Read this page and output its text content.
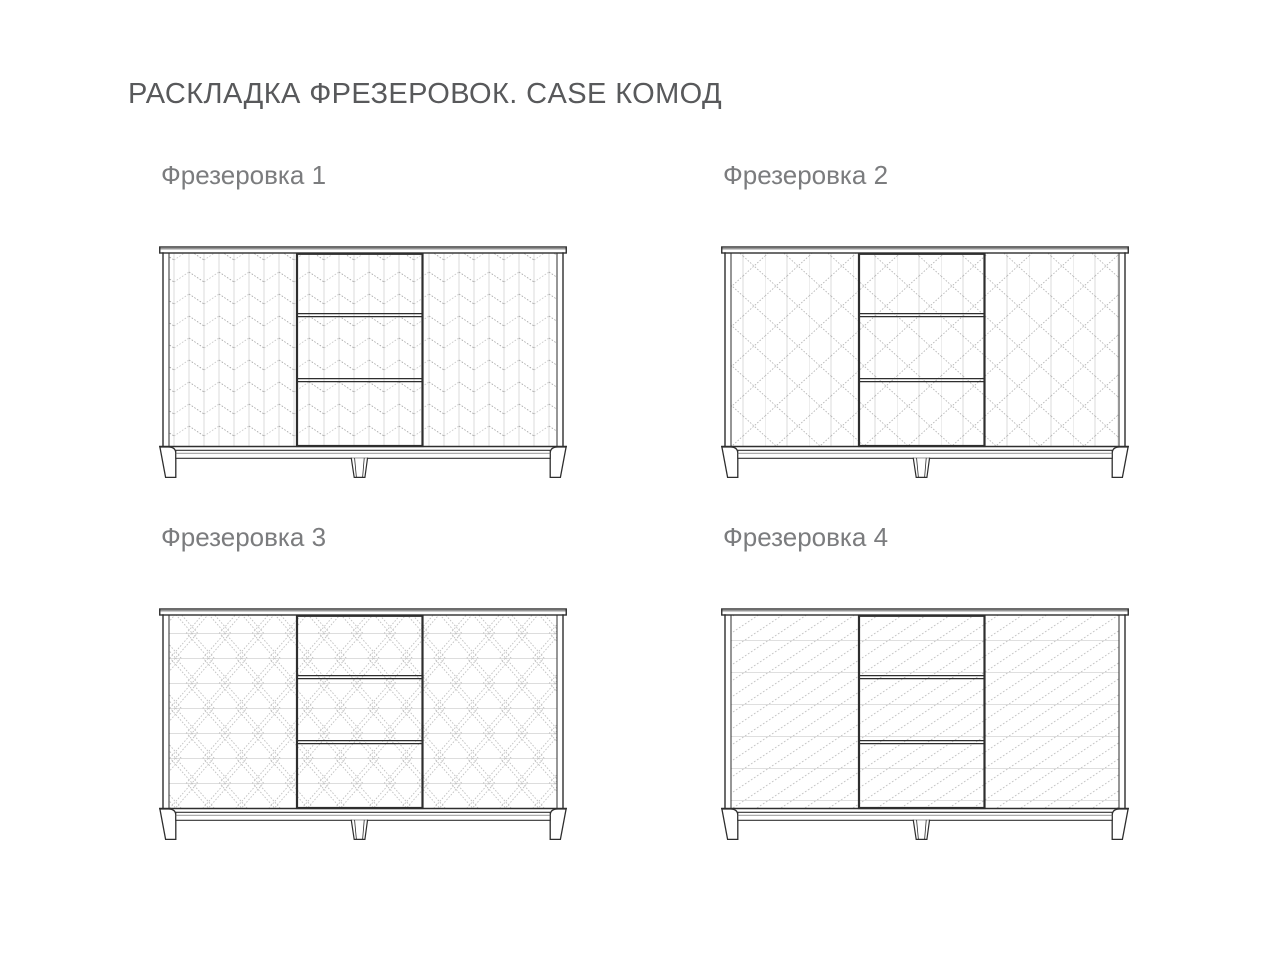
РАСКЛАДКА ФРЕЗЕРОВОК. CASE КОМОД
Фрезеровка 1	Фрезеровка 2
Фрезеровка 3	Фрезеровка 4
